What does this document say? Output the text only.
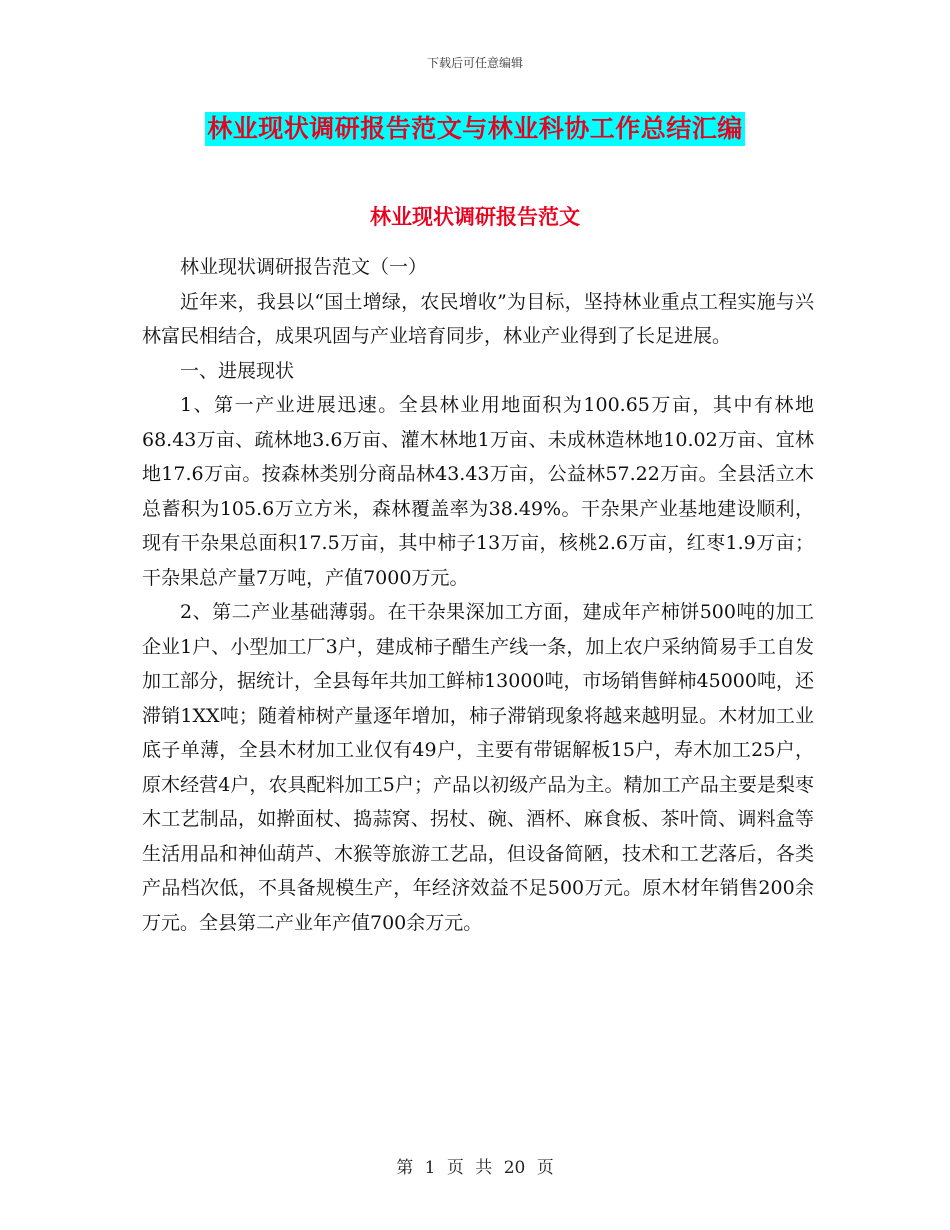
下载后可任意编辑
林业现状调研报告范文与林业科协工作总结汇编
林业现状调研报告范文

林业现状调研报告范文（一）

近年来，我县以“国土增绿，农民增收”为目标，坚持林业重点工程实施与兴林富民相结合，成果巩固与产业培育同步，林业产业得到了长足进展。

一、进展现状

1、第一产业进展迅速。全县林业用地面积为100.65万亩，其中有林地68.43万亩、疏林地3.6万亩、灌木林地1万亩、未成林造林地10.02万亩、宜林地17.6万亩。按森林类别分商品林43.43万亩，公益林57.22万亩。全县活立木总蓄积为105.6万立方米，森林覆盖率为38.49%。干杂果产业基地建设顺利，现有干杂果总面积17.5万亩，其中柿子13万亩，核桃2.6万亩，红枣1.9万亩；干杂果总产量7万吨，产值7000万元。

2、第二产业基础薄弱。在干杂果深加工方面，建成年产柿饼500吨的加工企业1户、小型加工厂3户，建成柿子醋生产线一条，加上农户采纳简易手工自发加工部分，据统计，全县每年共加工鲜柿13000吨，市场销售鲜柿45000吨，还滞销1XX吨；随着柿树产量逐年增加，柿子滞销现象将越来越明显。木材加工业底子单薄，全县木材加工业仅有49户，主要有带锯解板15户，寿木加工25户，原木经营4户，农具配料加工5户；产品以初级产品为主。精加工产品主要是梨枣木工艺制品，如擀面杖、捣蒜窝、拐杖、碗、酒杯、麻食板、茶叶筒、调料盒等生活用品和神仙葫芦、木猴等旅游工艺品，但设备简陋，技术和工艺落后，各类产品档次低，不具备规模生产，年经济效益不足500万元。原木材年销售200余万元。全县第二产业年产值700余万元。

第 1 页 共 20 页
